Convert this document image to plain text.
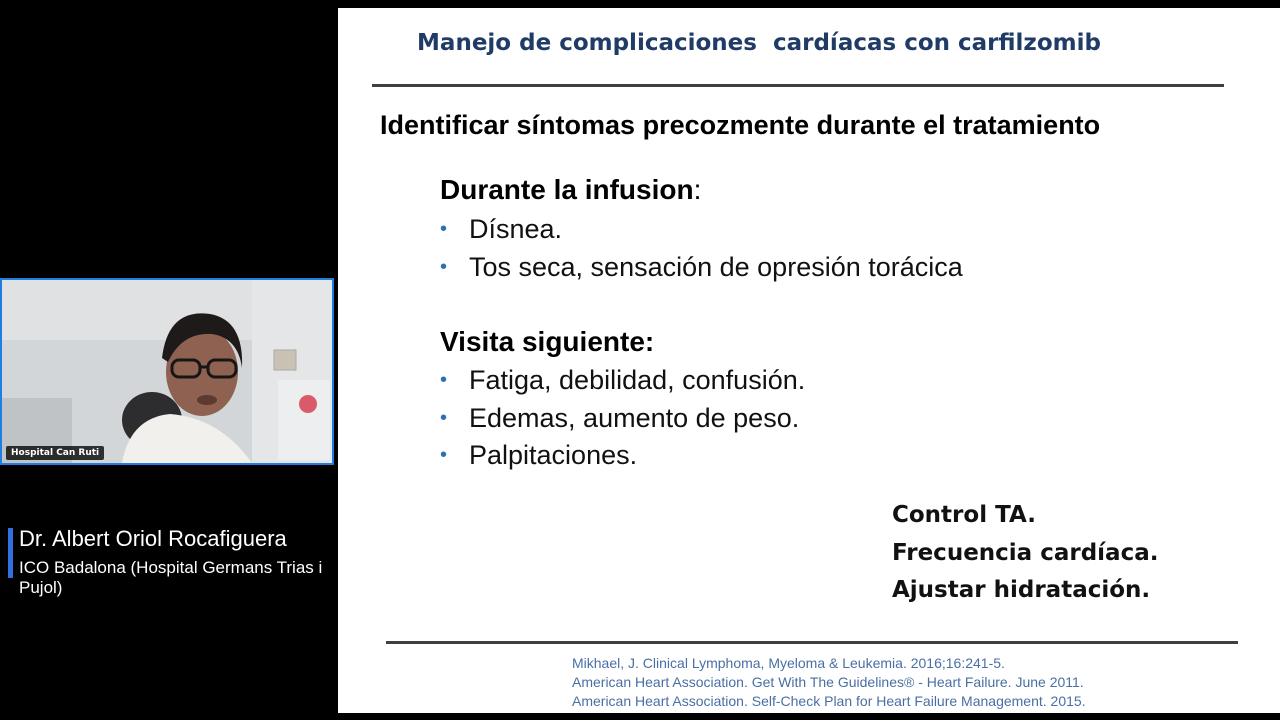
Hospital Can Ruti
Dr. Albert Oriol Rocafiguera
ICO Badalona (Hospital Germans Trias i Pujol)
Manejo de complicaciones  cardíacas con carfilzomib
Identificar síntomas precozmente durante el tratamiento
Durante la infusion:
• Dísnea.
• Tos seca, sensación de opresión torácica
Visita siguiente:
• Fatiga, debilidad, confusión.
• Edemas, aumento de peso.
• Palpitaciones.
Control TA.
Frecuencia cardíaca.
Ajustar hidratación.
Mikhael, J. Clinical Lymphoma, Myeloma & Leukemia. 2016;16:241-5.
American Heart Association. Get With The Guidelines® - Heart Failure. June 2011.
American Heart Association. Self-Check Plan for Heart Failure Management. 2015.
